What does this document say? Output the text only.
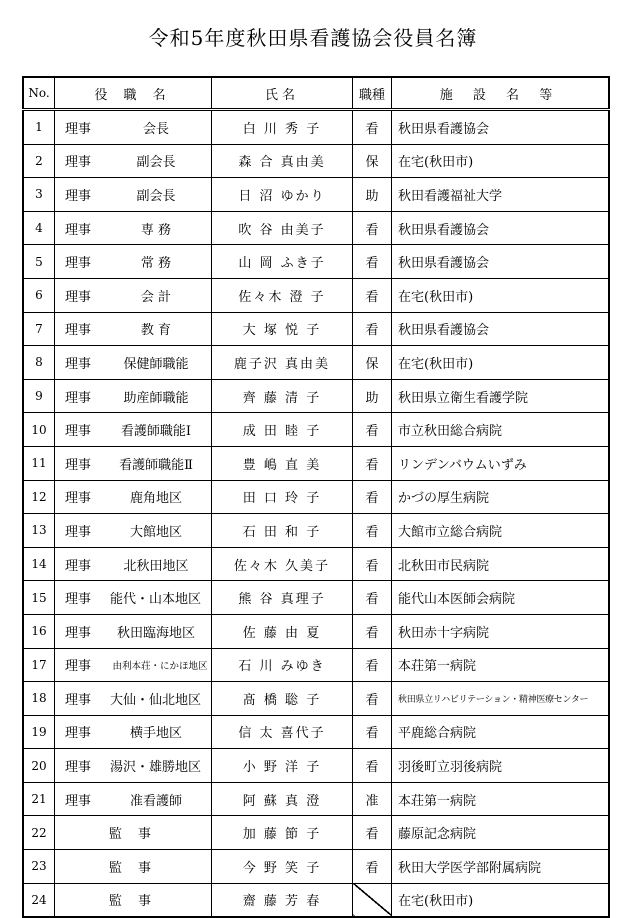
令和5年度秋田県看護協会役員名簿
No.	役 職 名	氏名	職種	施 設 名 等
1	理事 会長	白 川 秀 子	看	秋田県看護協会
2	理事 副会長	森 合 真由美	保	在宅(秋田市)
3	理事 副会長	日 沼 ゆかり	助	秋田看護福祉大学
4	理事 専 務	吹 谷 由美子	看	秋田県看護協会
5	理事 常 務	山 岡 ふき子	看	秋田県看護協会
6	理事 会 計	佐々木 澄 子	看	在宅(秋田市)
7	理事 教 育	大 塚 悦 子	看	秋田県看護協会
8	理事 保健師職能	鹿子沢 真由美	保	在宅(秋田市)
9	理事 助産師職能	齊 藤 清 子	助	秋田県立衛生看護学院
10	理事 看護師職能Ⅰ	成 田 睦 子	看	市立秋田総合病院
11	理事 看護師職能Ⅱ	豊 嶋 直 美	看	リンデンバウムいずみ
12	理事 鹿角地区	田 口 玲 子	看	かづの厚生病院
13	理事 大館地区	石 田 和 子	看	大館市立総合病院
14	理事 北秋田地区	佐々木 久美子	看	北秋田市民病院
15	理事 能代・山本地区	熊 谷 真理子	看	能代山本医師会病院
16	理事 秋田臨海地区	佐 藤 由 夏	看	秋田赤十字病院
17	理事 由利本荘・にかほ地区	石 川 みゆき	看	本荘第一病院
18	理事 大仙・仙北地区	髙 橋 聡 子	看	秋田県立リハビリテーション・精神医療センター
19	理事 横手地区	信 太 喜代子	看	平鹿総合病院
20	理事 湯沢・雄勝地区	小 野 洋 子	看	羽後町立羽後病院
21	理事 准看護師	阿 蘇 真 澄	准	本荘第一病院
22	監 事	加 藤 節 子	看	藤原記念病院
23	監 事	今 野 笑 子	看	秋田大学医学部附属病院
24	監 事	齋 藤 芳 春		在宅(秋田市)
